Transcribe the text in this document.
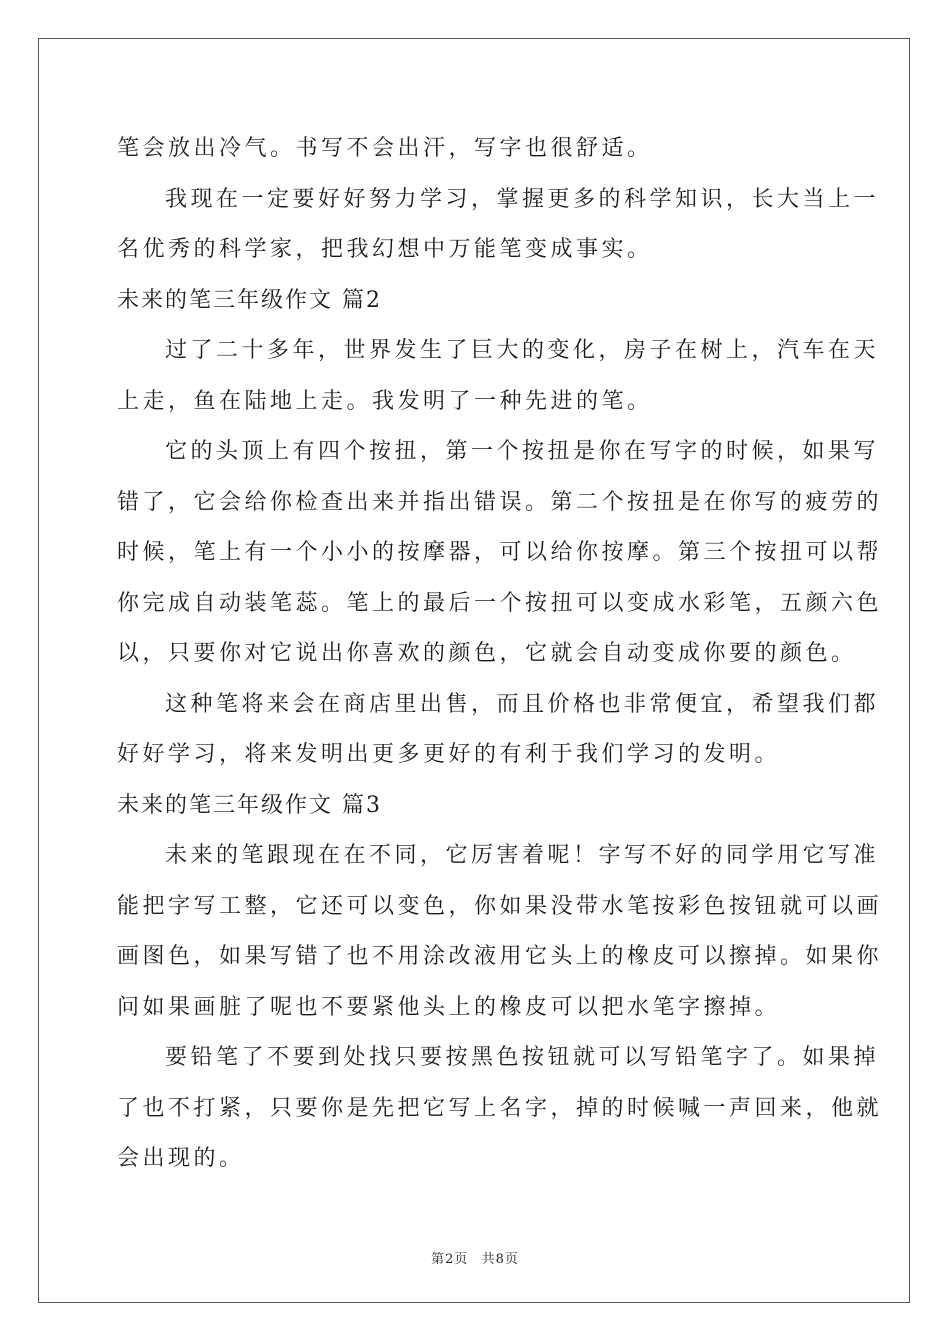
笔会放出冷气。书写不会出汗，写字也很舒适。

我现在一定要好好努力学习，掌握更多的科学知识，长大当上一

名优秀的科学家，把我幻想中万能笔变成事实。

未来的笔三年级作文 篇2

过了二十多年，世界发生了巨大的变化，房子在树上，汽车在天

上走，鱼在陆地上走。我发明了一种先进的笔。

它的头顶上有四个按扭，第一个按扭是你在写字的时候，如果写

错了，它会给你检查出来并指出错误。第二个按扭是在你写的疲劳的

时候，笔上有一个小小的按摩器，可以给你按摩。第三个按扭可以帮

你完成自动装笔蕊。笔上的最后一个按扭可以变成水彩笔，五颜六色

以，只要你对它说出你喜欢的颜色，它就会自动变成你要的颜色。

这种笔将来会在商店里出售，而且价格也非常便宜，希望我们都

好好学习，将来发明出更多更好的有利于我们学习的发明。

未来的笔三年级作文 篇3

未来的笔跟现在在不同，它厉害着呢！字写不好的同学用它写准

能把字写工整，它还可以变色，你如果没带水笔按彩色按钮就可以画

画图色，如果写错了也不用涂改液用它头上的橡皮可以擦掉。如果你

问如果画脏了呢也不要紧他头上的橡皮可以把水笔字擦掉。

要铅笔了不要到处找只要按黑色按钮就可以写铅笔字了。如果掉

了也不打紧，只要你是先把它写上名字，掉的时候喊一声回来，他就

会出现的。

第2页 共8页
